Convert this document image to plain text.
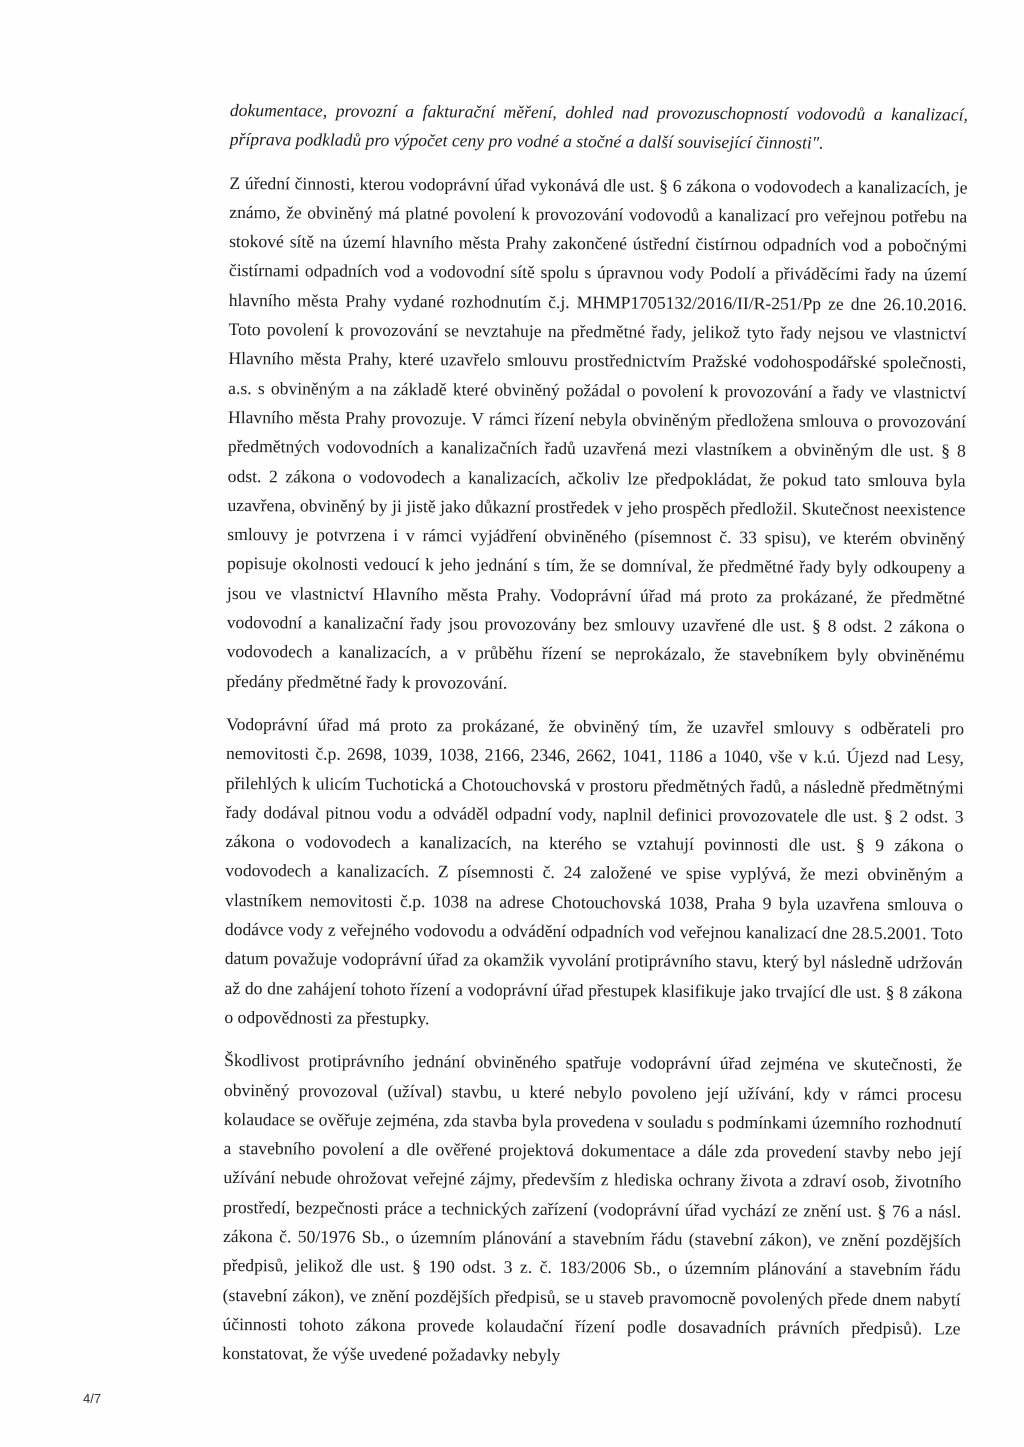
dokumentace, provozní a fakturační měření, dohled nad provozuschopností vodovodů a kanalizací, příprava podkladů pro výpočet ceny pro vodné a stočné a další související činnosti".

Z úřední činnosti, kterou vodoprávní úřad vykonává dle ust. § 6 zákona o vodovodech a kanalizacích, je známo, že obviněný má platné povolení k provozování vodovodů a kanalizací pro veřejnou potřebu na stokové sítě na území hlavního města Prahy zakončené ústřední čistírnou odpadních vod a pobočnými čistírnami odpadních vod a vodovodní sítě spolu s úpravnou vody Podolí a přiváděcími řady na území hlavního města Prahy vydané rozhodnutím č.j. MHMP1705132/2016/II/R-251/Pp ze dne 26.10.2016. Toto povolení k provozování se nevztahuje na předmětné řady, jelikož tyto řady nejsou ve vlastnictví Hlavního města Prahy, které uzavřelo smlouvu prostřednictvím Pražské vodohospodářské společnosti, a.s. s obviněným a na základě které obviněný požádal o povolení k provozování a řady ve vlastnictví Hlavního města Prahy provozuje. V rámci řízení nebyla obviněným předložena smlouva o provozování předmětných vodovodních a kanalizačních řadů uzavřená mezi vlastníkem a obviněným dle ust. § 8 odst. 2 zákona o vodovodech a kanalizacích, ačkoliv lze předpokládat, že pokud tato smlouva byla uzavřena, obviněný by ji jistě jako důkazní prostředek v jeho prospěch předložil. Skutečnost neexistence smlouvy je potvrzena i v rámci vyjádření obviněného (písemnost č. 33 spisu), ve kterém obviněný popisuje okolnosti vedoucí k jeho jednání s tím, že se domníval, že předmětné řady byly odkoupeny a jsou ve vlastnictví Hlavního města Prahy. Vodoprávní úřad má proto za prokázané, že předmětné vodovodní a kanalizační řady jsou provozovány bez smlouvy uzavřené dle ust. § 8 odst. 2 zákona o vodovodech a kanalizacích, a v průběhu řízení se neprokázalo, že stavebníkem byly obviněnému předány předmětné řady k provozování.

Vodoprávní úřad má proto za prokázané, že obviněný tím, že uzavřel smlouvy s odběrateli pro nemovitosti č.p. 2698, 1039, 1038, 2166, 2346, 2662, 1041, 1186 a 1040, vše v k.ú. Újezd nad Lesy, přilehlých k ulicím Tuchotická a Chotouchovská v prostoru předmětných řadů, a následně předmětnými řady dodával pitnou vodu a odváděl odpadní vody, naplnil definici provozovatele dle ust. § 2 odst. 3 zákona o vodovodech a kanalizacích, na kterého se vztahují povinnosti dle ust. § 9 zákona o vodovodech a kanalizacích. Z písemnosti č. 24 založené ve spise vyplývá, že mezi obviněným a vlastníkem nemovitosti č.p. 1038 na adrese Chotouchovská 1038, Praha 9 byla uzavřena smlouva o dodávce vody z veřejného vodovodu a odvádění odpadních vod veřejnou kanalizací dne 28.5.2001. Toto datum považuje vodoprávní úřad za okamžik vyvolání protiprávního stavu, který byl následně udržován až do dne zahájení tohoto řízení a vodoprávní úřad přestupek klasifikuje jako trvající dle ust. § 8 zákona o odpovědnosti za přestupky.

Škodlivost protiprávního jednání obviněného spatřuje vodoprávní úřad zejména ve skutečnosti, že obviněný provozoval (užíval) stavbu, u které nebylo povoleno její užívání, kdy v rámci procesu kolaudace se ověřuje zejména, zda stavba byla provedena v souladu s podmínkami územního rozhodnutí a stavebního povolení a dle ověřené projektová dokumentace a dále zda provedení stavby nebo její užívání nebude ohrožovat veřejné zájmy, především z hlediska ochrany života a zdraví osob, životního prostředí, bezpečnosti práce a technických zařízení (vodoprávní úřad vychází ze znění ust. § 76 a násl. zákona č. 50/1976 Sb., o územním plánování a stavebním řádu (stavební zákon), ve znění pozdějších předpisů, jelikož dle ust. § 190 odst. 3 z. č. 183/2006 Sb., o územním plánování a stavebním řádu (stavební zákon), ve znění pozdějších předpisů, se u staveb pravomocně povolených přede dnem nabytí účinnosti tohoto zákona provede kolaudační řízení podle dosavadních právních předpisů). Lze konstatovat, že výše uvedené požadavky nebyly

4/7
